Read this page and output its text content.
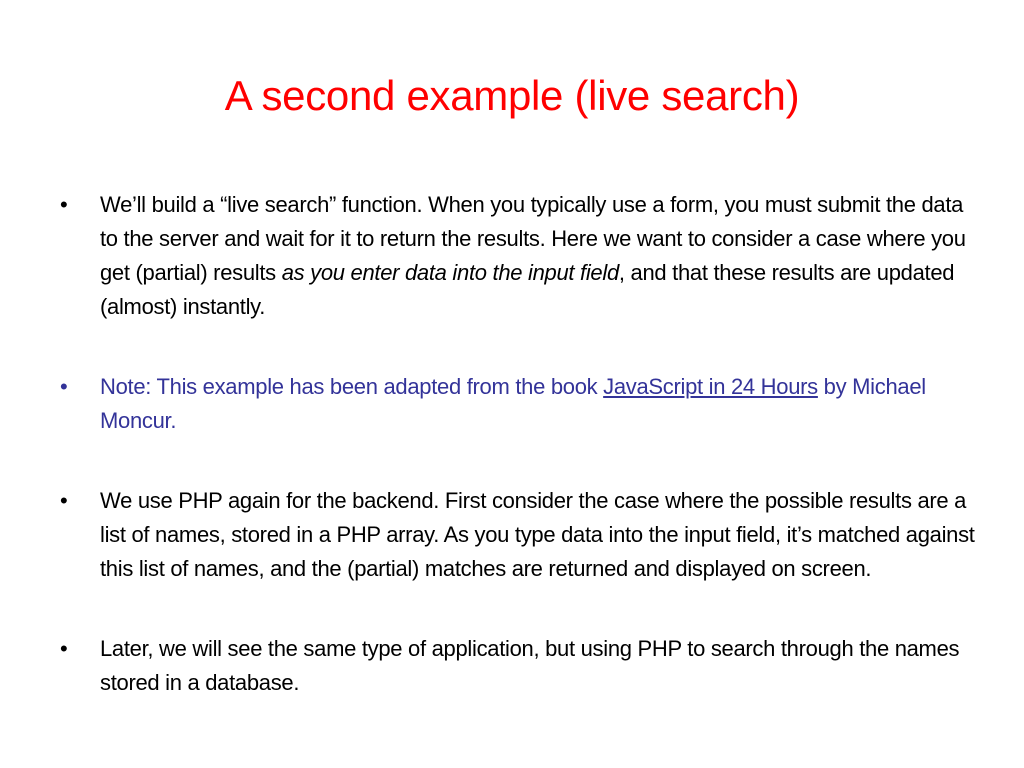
A second example (live search)
•	We’ll build a “live search” function. When you typically use a form, you must submit the data to the server and wait for it to return the results. Here we want to consider a case where you get (partial) results as you enter data into the input field, and that these results are updated (almost) instantly.
•	Note: This example has been adapted from the book JavaScript in 24 Hours by Michael Moncur.
•	We use PHP again for the backend. First consider the case where the possible results are a list of names, stored in a PHP array. As you type data into the input field, it’s matched against this list of names, and the (partial) matches are returned and displayed on screen.
•	Later, we will see the same type of application, but using PHP to search through the names stored in a database.
